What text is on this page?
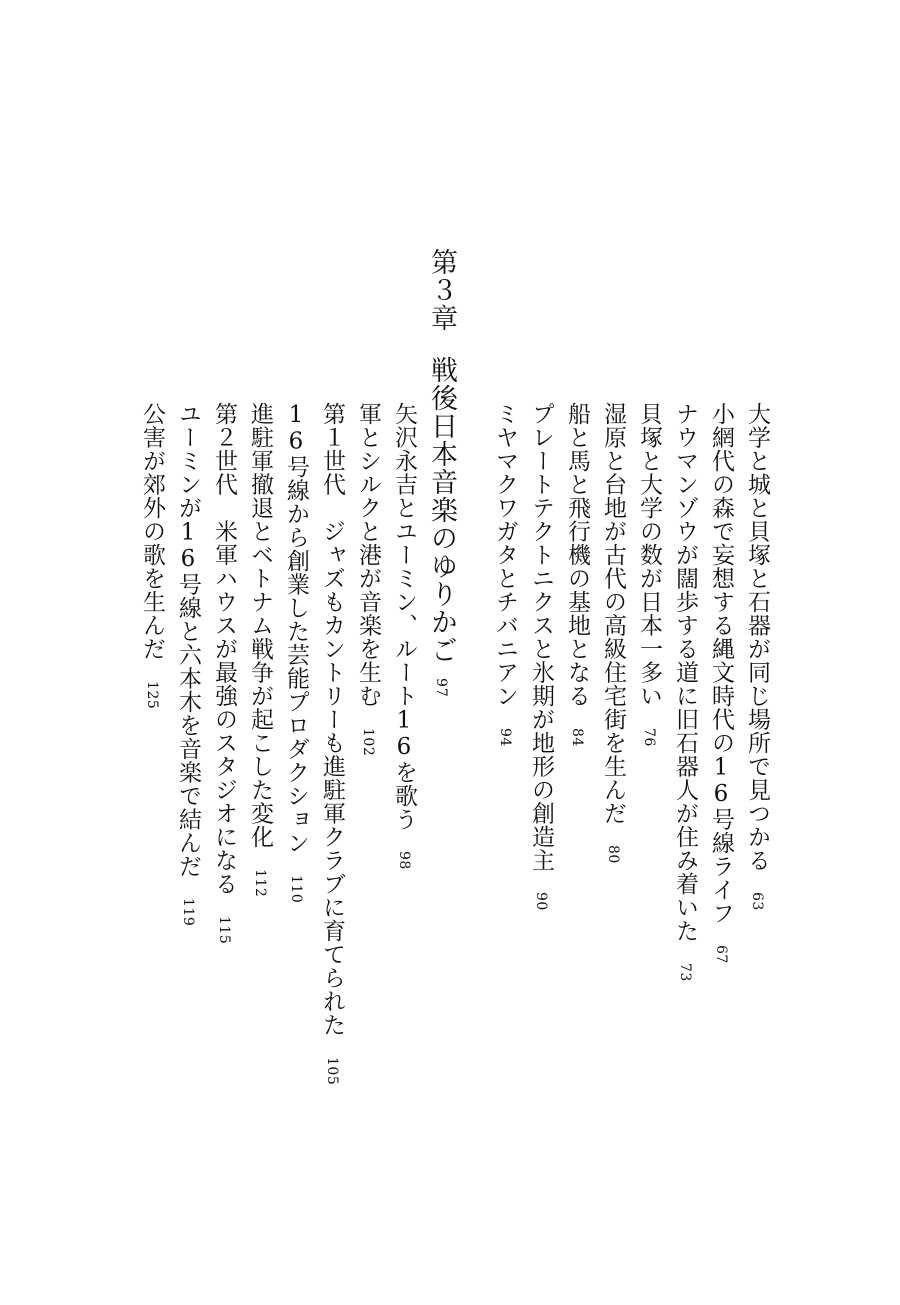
大学と城と貝塚と石器が同じ場所で見つかる63
小網代の森で妄想する縄文時代の16号線ライフ67
ナウマンゾウが闊歩する道に旧石器人が住み着いた73
貝塚と大学の数が日本一多い76
湿原と台地が古代の高級住宅街を生んだ80
船と馬と飛行機の基地となる84
プレートテクトニクスと氷期が地形の創造主90
ミヤマクワガタとチバニアン94
第３章戦後日本音楽のゆりかご97
矢沢永吉とユーミン、ルート16を歌う98
軍とシルクと港が音楽を生む102
第１世代　ジャズもカントリーも進駐軍クラブに育てられた105
16号線から創業した芸能プロダクション110
進駐軍撤退とベトナム戦争が起こした変化112
第２世代　米軍ハウスが最強のスタジオになる115
ユーミンが16号線と六本木を音楽で結んだ119
公害が郊外の歌を生んだ125
